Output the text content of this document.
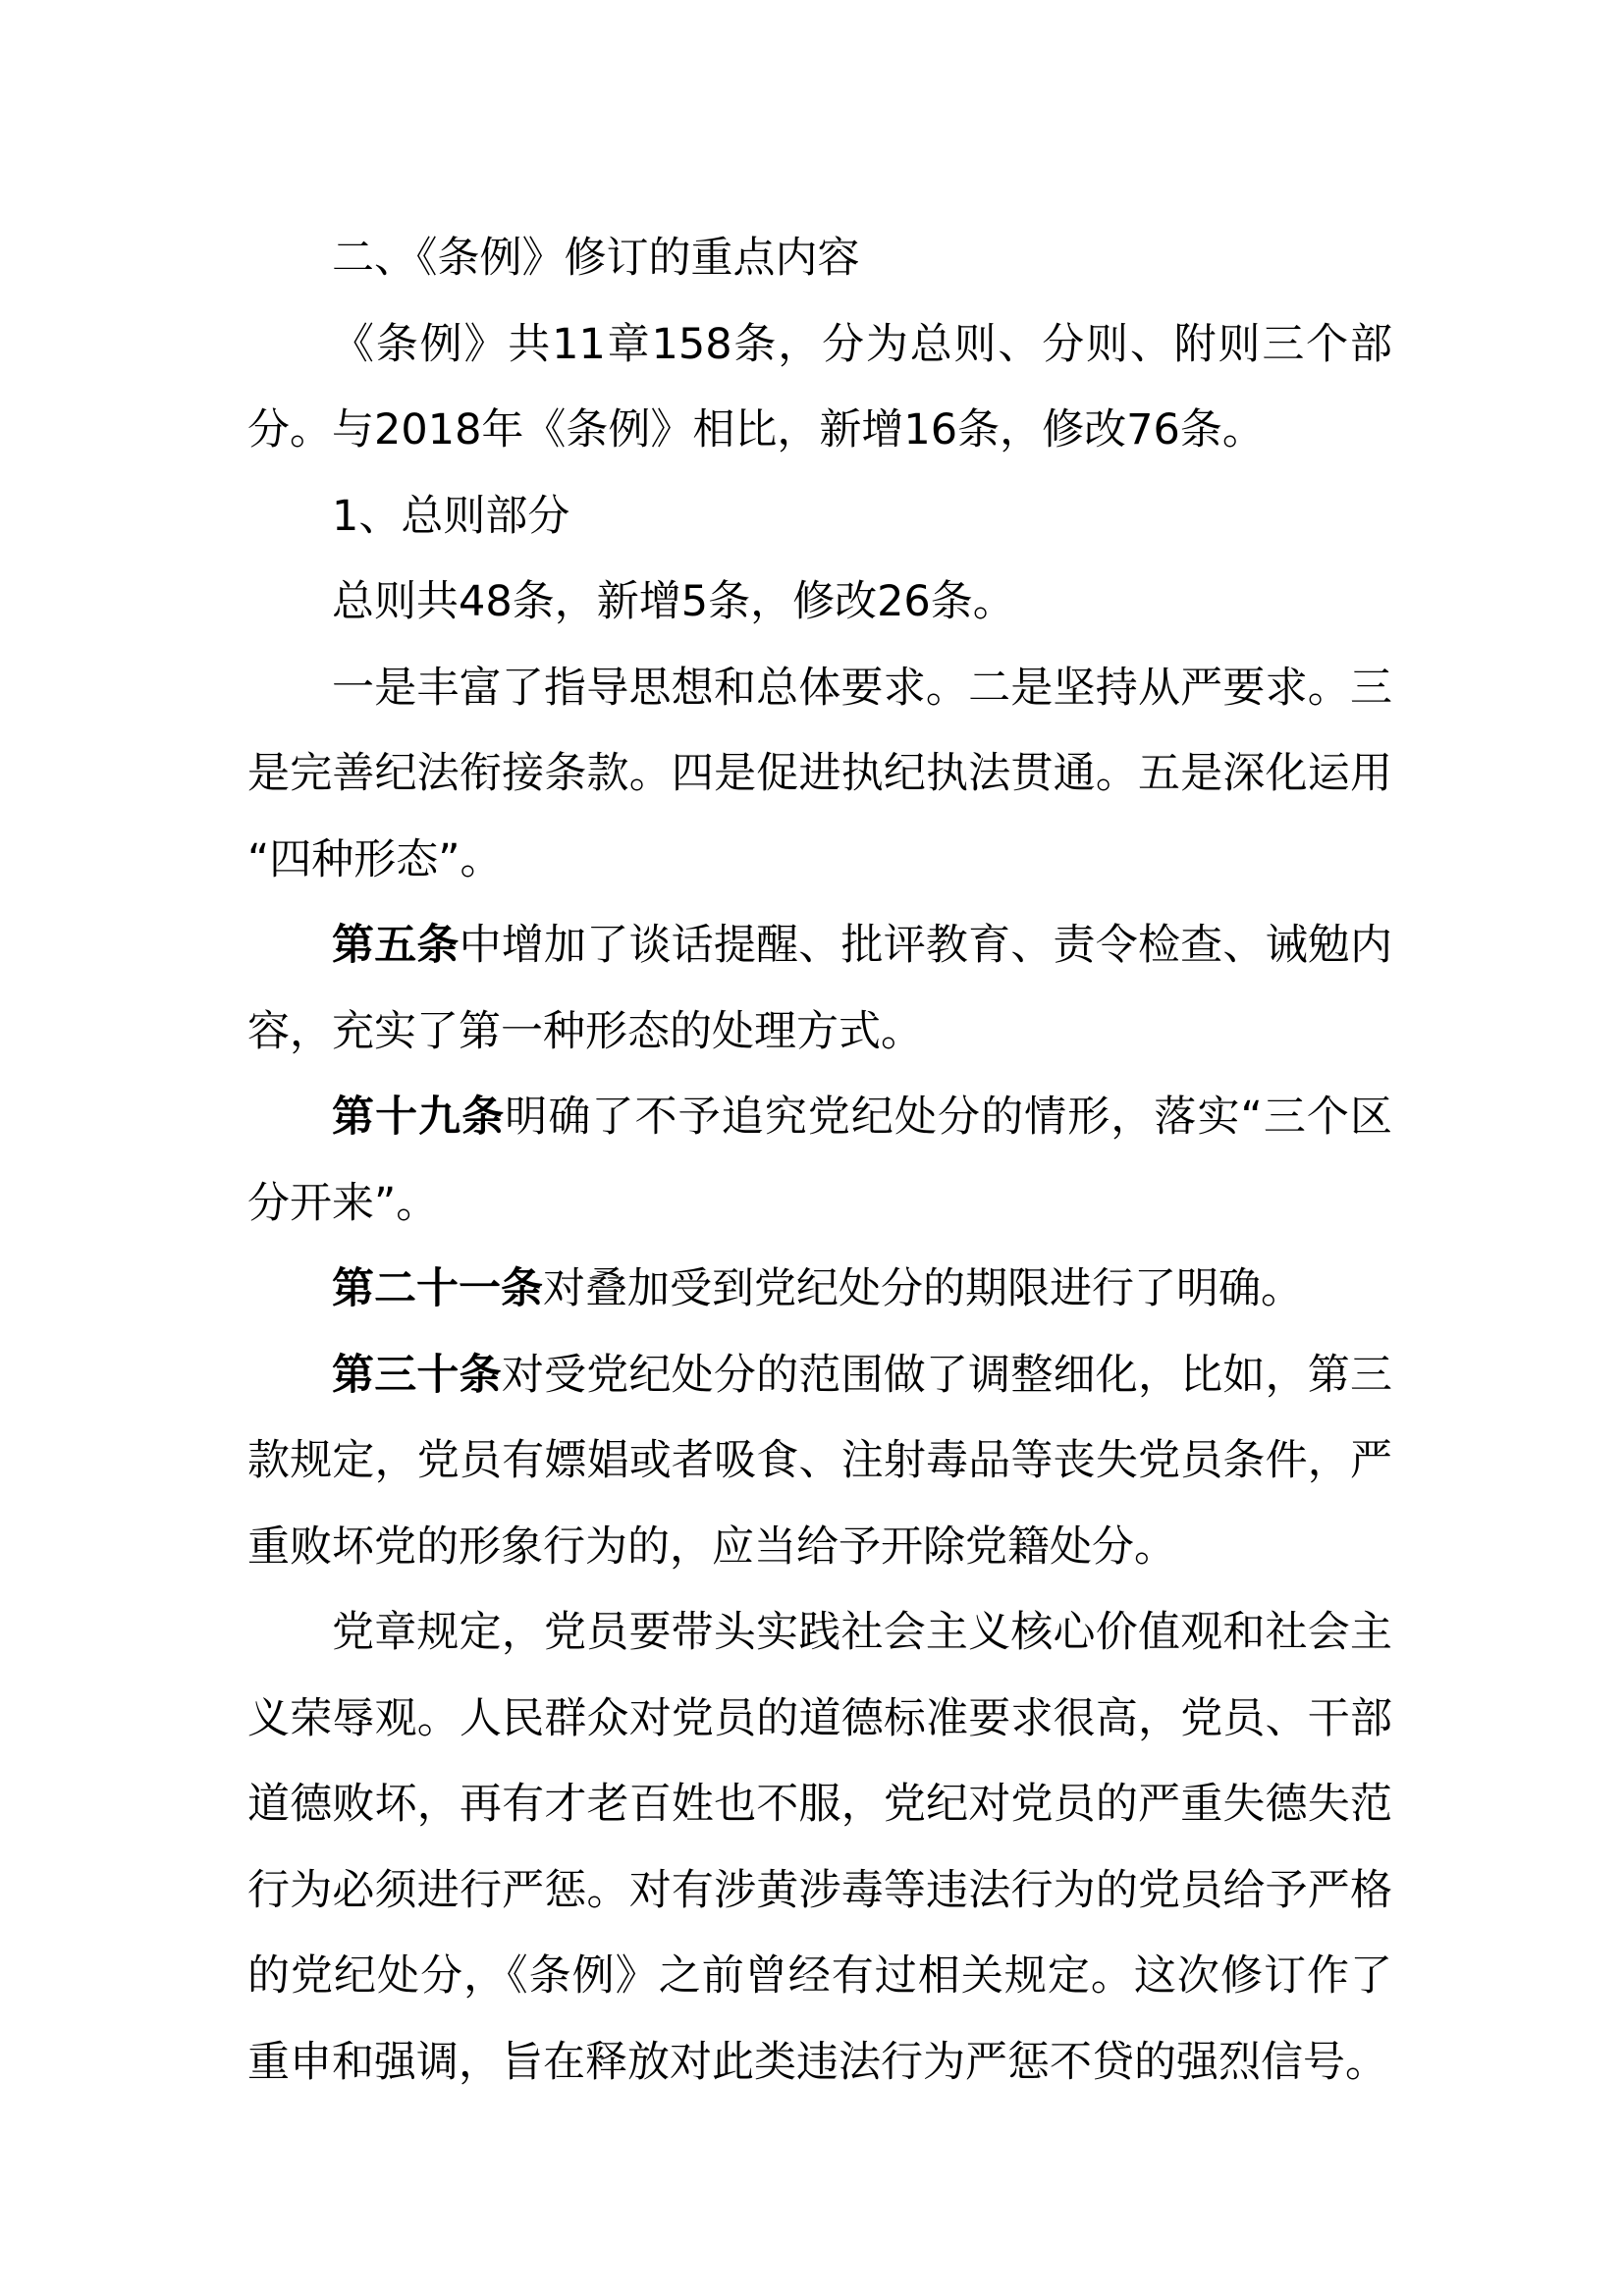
二、《条例》修订的重点内容
《条例》共11章158条，分为总则、分则、附则三个部
分。与2018年《条例》相比，新增16条，修改76条。
1、总则部分
总则共48条，新增5条，修改26条。
一是丰富了指导思想和总体要求。二是坚持从严要求。三
是完善纪法衔接条款。四是促进执纪执法贯通。五是深化运用
“四种形态”。
第五条中增加了谈话提醒、批评教育、责令检查、诫勉内
容，充实了第一种形态的处理方式。
第十九条明确了不予追究党纪处分的情形，落实“三个区
分开来”。
第二十一条对叠加受到党纪处分的期限进行了明确。
第三十条对受党纪处分的范围做了调整细化，比如，第三
款规定，党员有嫖娼或者吸食、注射毒品等丧失党员条件，严
重败坏党的形象行为的，应当给予开除党籍处分。
党章规定，党员要带头实践社会主义核心价值观和社会主
义荣辱观。人民群众对党员的道德标准要求很高，党员、干部
道德败坏，再有才老百姓也不服，党纪对党员的严重失德失范
行为必须进行严惩。对有涉黄涉毒等违法行为的党员给予严格
的党纪处分，《条例》之前曾经有过相关规定。这次修订作了
重申和强调，旨在释放对此类违法行为严惩不贷的强烈信号。
